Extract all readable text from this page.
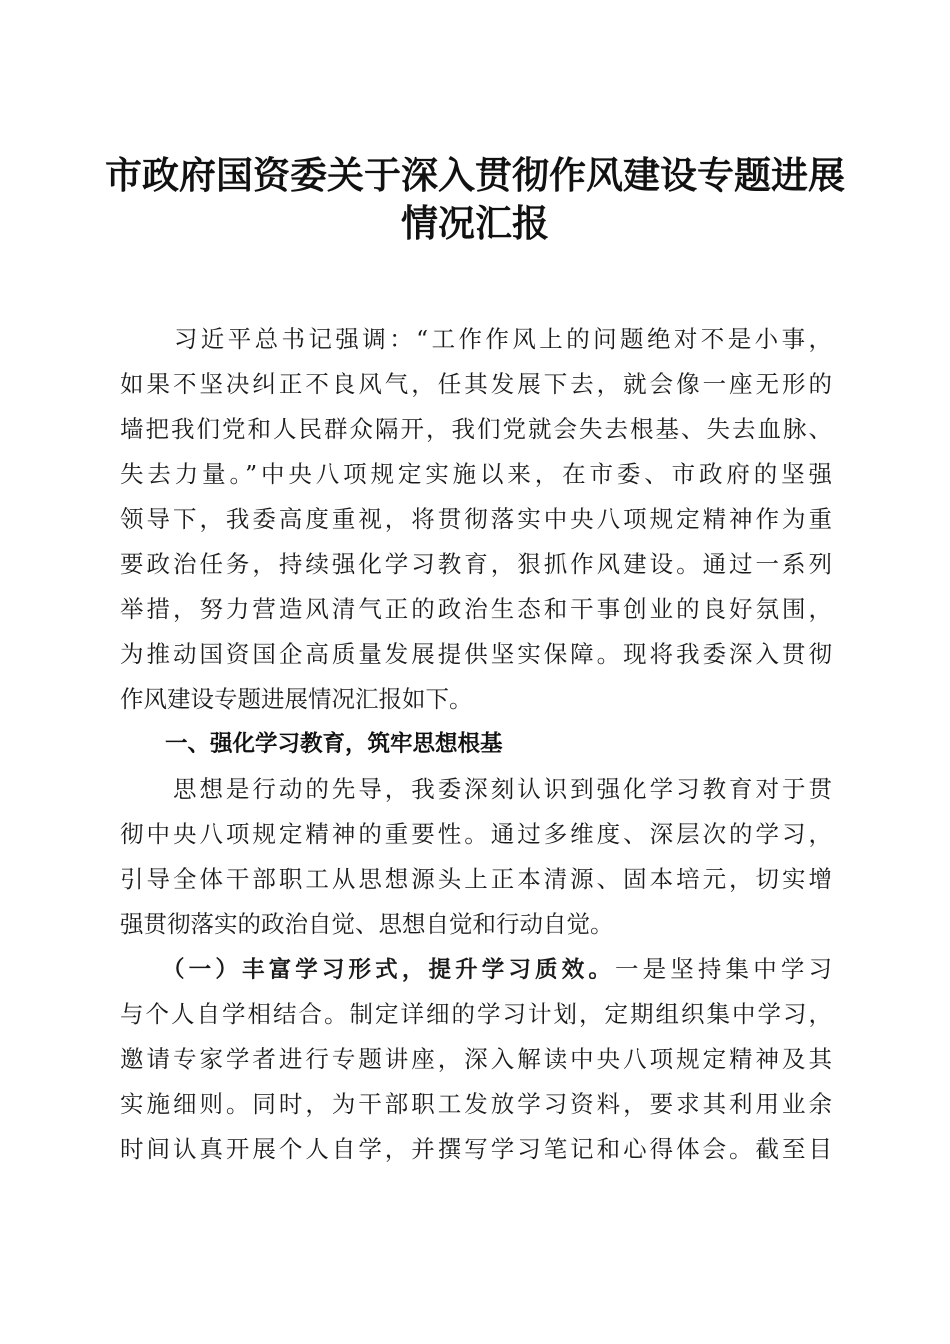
市政府国资委关于深入贯彻作风建设专题进展
情况汇报

　　习近平总书记强调：“工作作风上的问题绝对不是小事，

如果不坚决纠正不良风气，任其发展下去，就会像一座无形的

墙把我们党和人民群众隔开，我们党就会失去根基、失去血脉、

失去力量。”中央八项规定实施以来，在市委、市政府的坚强

领导下，我委高度重视，将贯彻落实中央八项规定精神作为重

要政治任务，持续强化学习教育，狠抓作风建设。通过一系列

举措，努力营造风清气正的政治生态和干事创业的良好氛围，

为推动国资国企高质量发展提供坚实保障。现将我委深入贯彻

作风建设专题进展情况汇报如下。

　　一、强化学习教育，筑牢思想根基

　　思想是行动的先导，我委深刻认识到强化学习教育对于贯

彻中央八项规定精神的重要性。通过多维度、深层次的学习，

引导全体干部职工从思想源头上正本清源、固本培元，切实增

强贯彻落实的政治自觉、思想自觉和行动自觉。

　　（一）丰富学习形式，提升学习质效。一是坚持集中学习

与个人自学相结合。制定详细的学习计划，定期组织集中学习，

邀请专家学者进行专题讲座，深入解读中央八项规定精神及其

实施细则。同时，为干部职工发放学习资料，要求其利用业余

时间认真开展个人自学，并撰写学习笔记和心得体会。截至目
